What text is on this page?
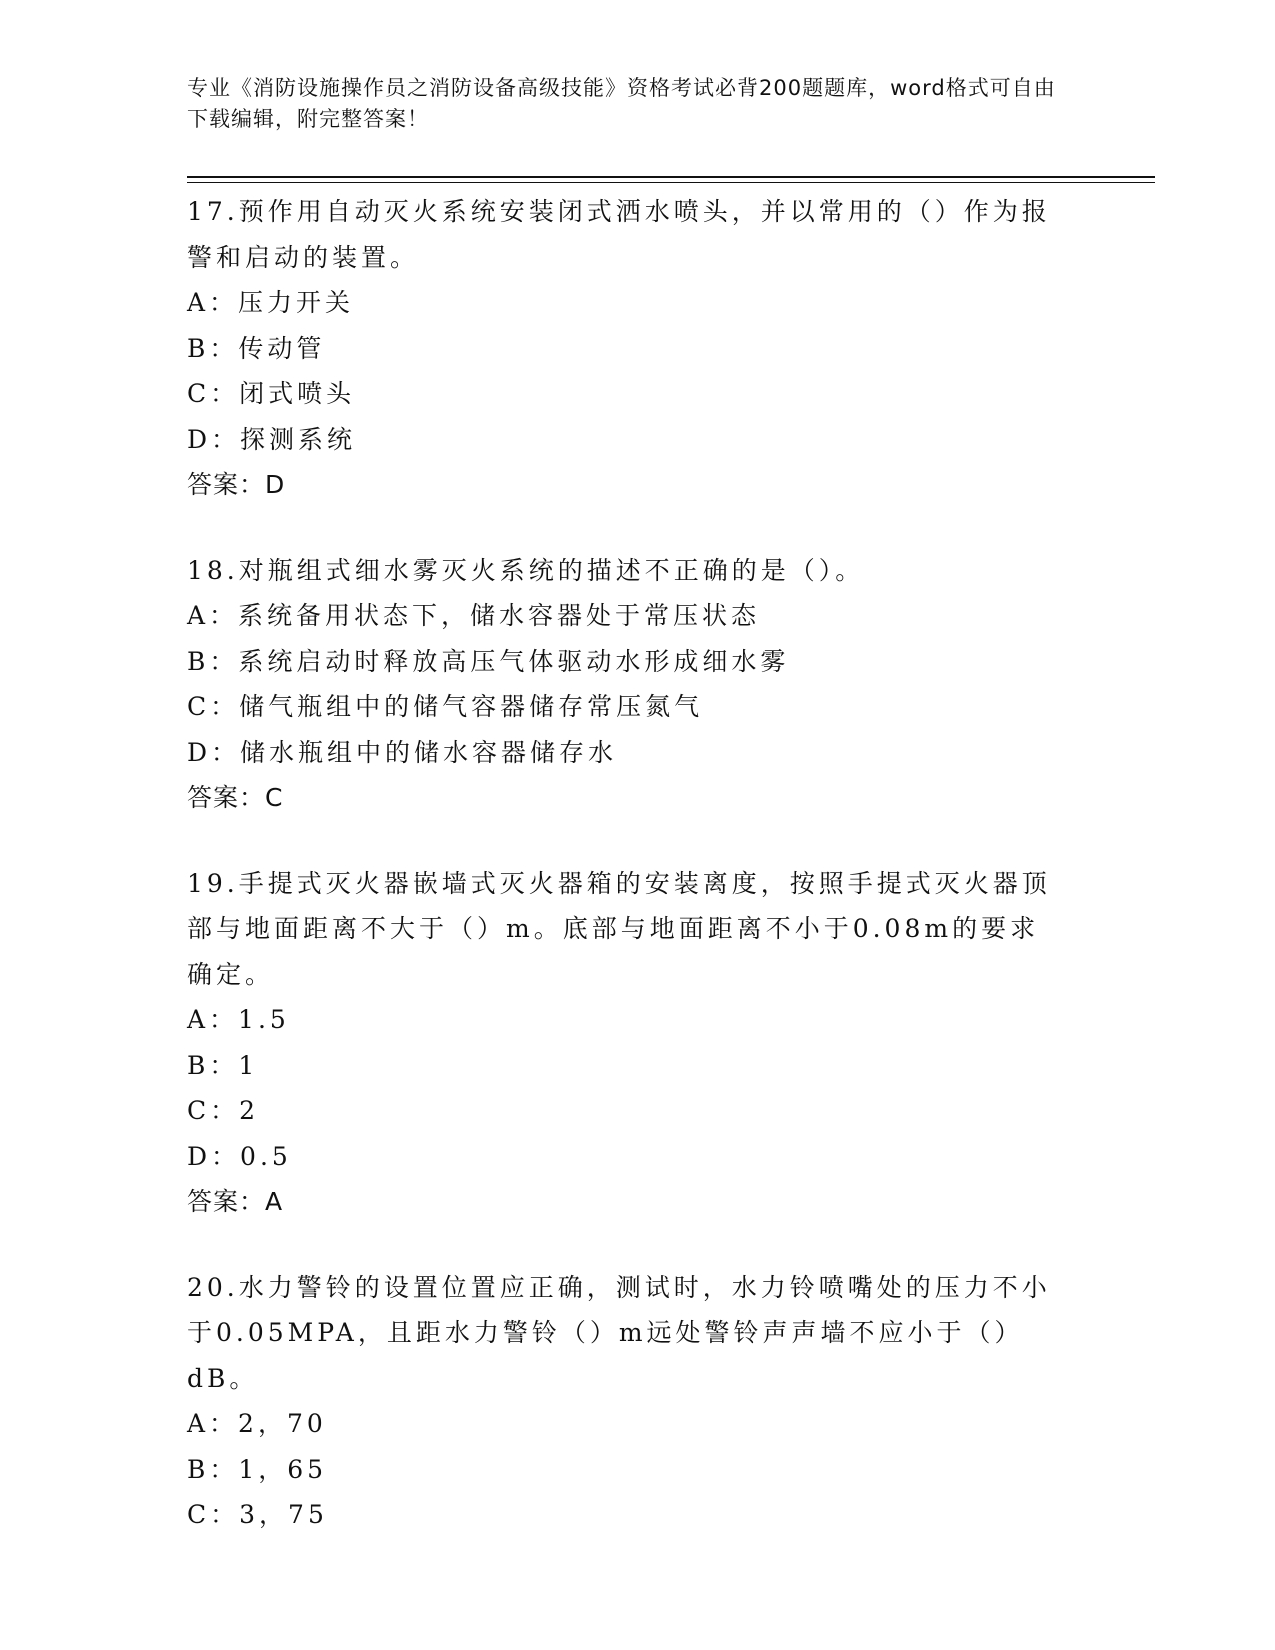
专业《消防设施操作员之消防设备高级技能》资格考试必背200题题库，word格式可自由下载编辑，附完整答案！

17.预作用自动灭火系统安装闭式洒水喷头，并以常用的（）作为报警和启动的装置。

A：压力开关

B：传动管

C：闭式喷头

D：探测系统

答案：D

18.对瓶组式细水雾灭火系统的描述不正确的是（）。

A：系统备用状态下，储水容器处于常压状态

B：系统启动时释放高压气体驱动水形成细水雾

C：储气瓶组中的储气容器储存常压氮气

D：储水瓶组中的储水容器储存水

答案：C

19.手提式灭火器嵌墙式灭火器箱的安装离度，按照手提式灭火器顶部与地面距离不大于（）m。底部与地面距离不小于0.08m的要求确定。

A：1.5

B：1

C：2

D：0.5

答案：A

20.水力警铃的设置位置应正确，测试时，水力铃喷嘴处的压力不小于0.05MPA，且距水力警铃（）m远处警铃声声墙不应小于（）dB。

A：2，70

B：1，65

C：3，75
